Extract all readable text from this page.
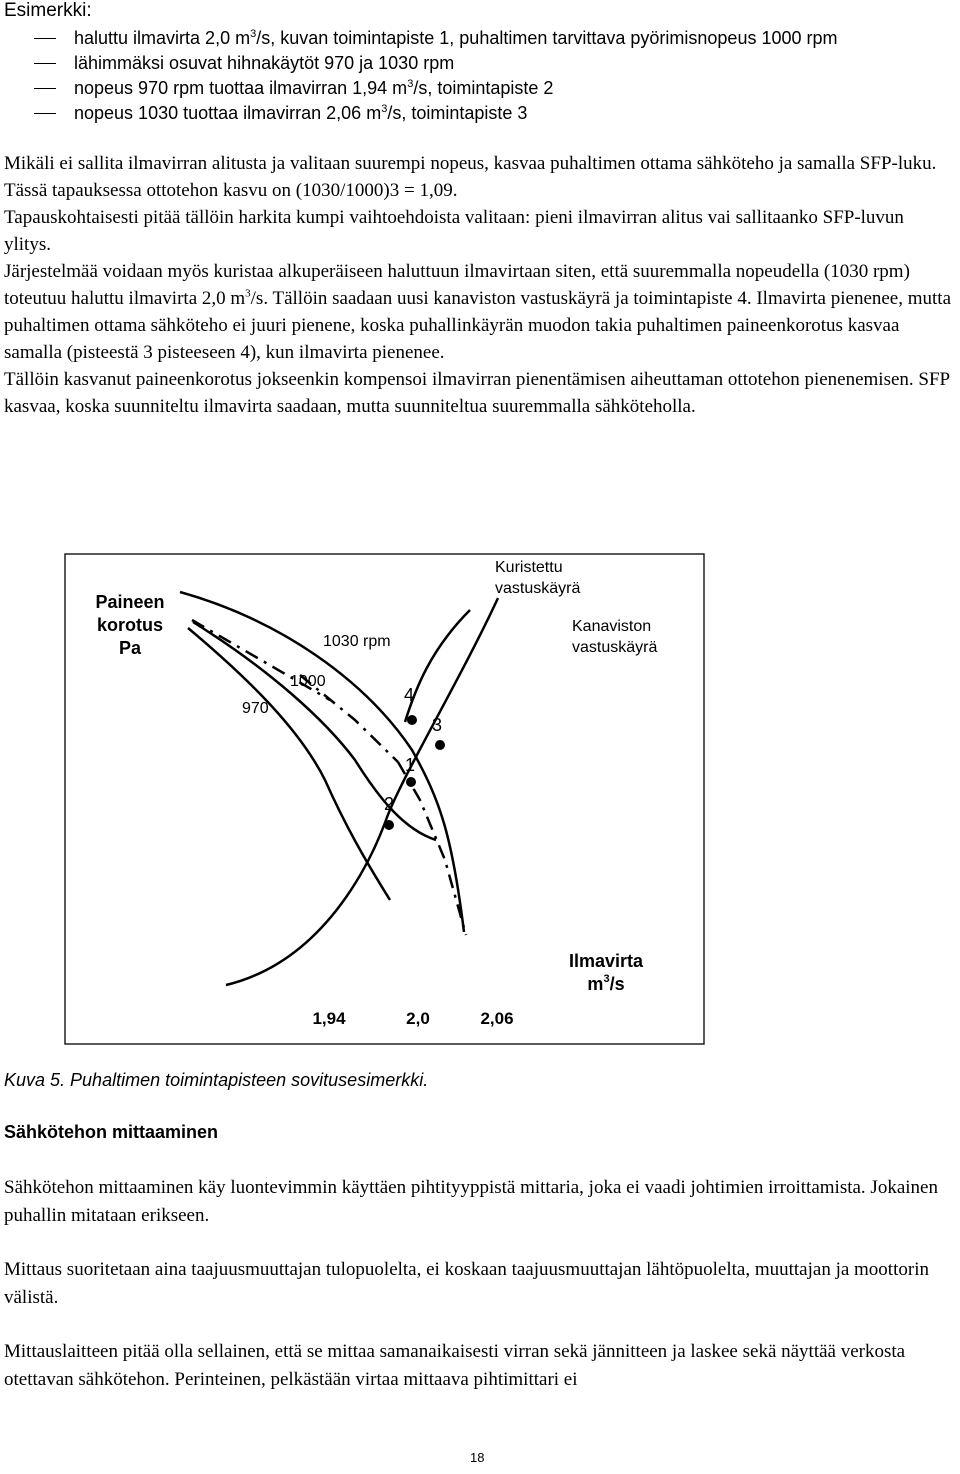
Esimerkki:
haluttu ilmavirta 2,0 $m^3/s$, kuvan toimintapiste 1, puhaltimen tarvittava pyörimisnopeus 1000 rpm
lähimmäksi osuvat hihnakäytöt 970 ja 1030 rpm
nopeus 970 rpm tuottaa ilmavirran 1,94 $m^3/s$, toimintapiste 2
nopeus 1030 tuottaa ilmavirran 2,06 $m^3/s$, toimintapiste 3

Mikäli ei sallita ilmavirran alitusta ja valitaan suurempi nopeus, kasvaa puhaltimen ottama sähköteho ja samalla SFP-luku. Tässä tapauksessa ottotehon kasvu on (1030/1000)3 = 1,09.

Tapauskohtaisesti pitää tällöin harkita kumpi vaihtoehdoista valitaan: pieni ilmavirran alitus vai sallitaanko SFP-luvun ylitys.

Järjestelmää voidaan myös kuristaa alkuperäiseen haluttuun ilmavirtaan siten, että suuremmalla nopeudella (1030 rpm) toteutuu haluttu ilmavirta 2,0 $m^3/s$. Tällöin saadaan uusi kanaviston vastuskäyrä ja toimintapiste 4. Ilmavirta pienenee, mutta puhaltimen ottama sähköteho ei juuri pienene, koska puhallinkäyrän muodon takia puhaltimen paineenkorotus kasvaa samalla (pisteestä 3 pisteeseen 4), kun ilmavirta pienenee.

Tällöin kasvanut paineenkorotus jokseenkin kompensoi ilmavirran pienentämisen aiheuttaman ottotehon pienenemisen. SFP kasvaa, koska suunniteltu ilmavirta saadaan, mutta suunniteltua suuremmalla sähköteholla.

Paineen
korotus
Pa
Kuristettu
vastuskäyrä
Kanaviston
vastuskäyrä
1030 rpm
1000
970
1
2
3
4
Ilmavirta
$m^3/s$
1,94	2,0	2,06
Kuva 5. Puhaltimen toimintapisteen sovitusesimerkki.
Sähkötehon mittaaminen

Sähkötehon mittaaminen käy luontevimmin käyttäen pihtityyppistä mittaria, joka ei vaadi johtimien irroittamista. Jokainen puhallin mitataan erikseen.

Mittaus suoritetaan aina taajuusmuuttajan tulopuolelta, ei koskaan taajuusmuuttajan lähtöpuolelta, muuttajan ja moottorin välistä.

Mittauslaitteen pitää olla sellainen, että se mittaa samanaikaisesti virran sekä jännitteen ja laskee sekä näyttää verkosta otettavan sähkötehon. Perinteinen, pelkästään virtaa mittaava pihtimittari ei

18
